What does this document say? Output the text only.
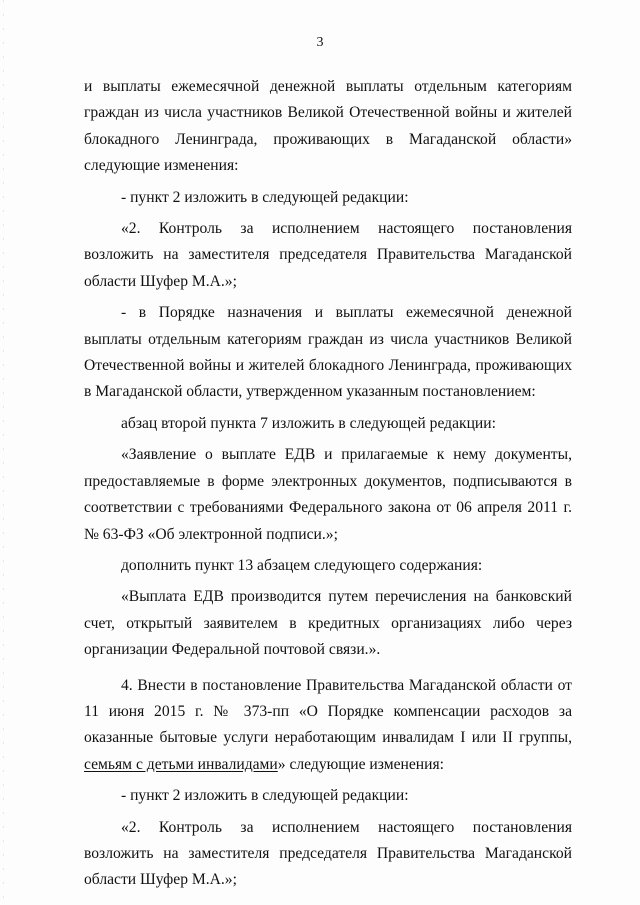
3

и выплаты ежемесячной денежной выплаты отдельным категориям граждан из числа участников Великой Отечественной войны и жителей блокадного Ленинграда, проживающих в Магаданской области» следующие изменения:

- пункт 2 изложить в следующей редакции:

«2. Контроль за исполнением настоящего постановления возложить на заместителя председателя Правительства Магаданской области Шуфер М.А.»;

- в Порядке назначения и выплаты ежемесячной денежной выплаты отдельным категориям граждан из числа участников Великой Отечественной войны и жителей блокадного Ленинграда, проживающих в Магаданской области, утвержденном указанным постановлением:

абзац второй пункта 7 изложить в следующей редакции:

«Заявление о выплате ЕДВ и прилагаемые к нему документы, предоставляемые в форме электронных документов, подписываются в соответствии с требованиями Федерального закона от 06 апреля 2011 г. № 63-ФЗ «Об электронной подписи.»;

дополнить пункт 13 абзацем следующего содержания:

«Выплата ЕДВ производится путем перечисления на банковский счет, открытый заявителем в кредитных организациях либо через организации Федеральной почтовой связи.».

4. Внести в постановление Правительства Магаданской области от 11 июня 2015 г. № 373-пп «О Порядке компенсации расходов за оказанные бытовые услуги неработающим инвалидам I или II группы, семьям с детьми инвалидами» следующие изменения:

- пункт 2 изложить в следующей редакции:

«2. Контроль за исполнением настоящего постановления возложить на заместителя председателя Правительства Магаданской области Шуфер М.А.»;
